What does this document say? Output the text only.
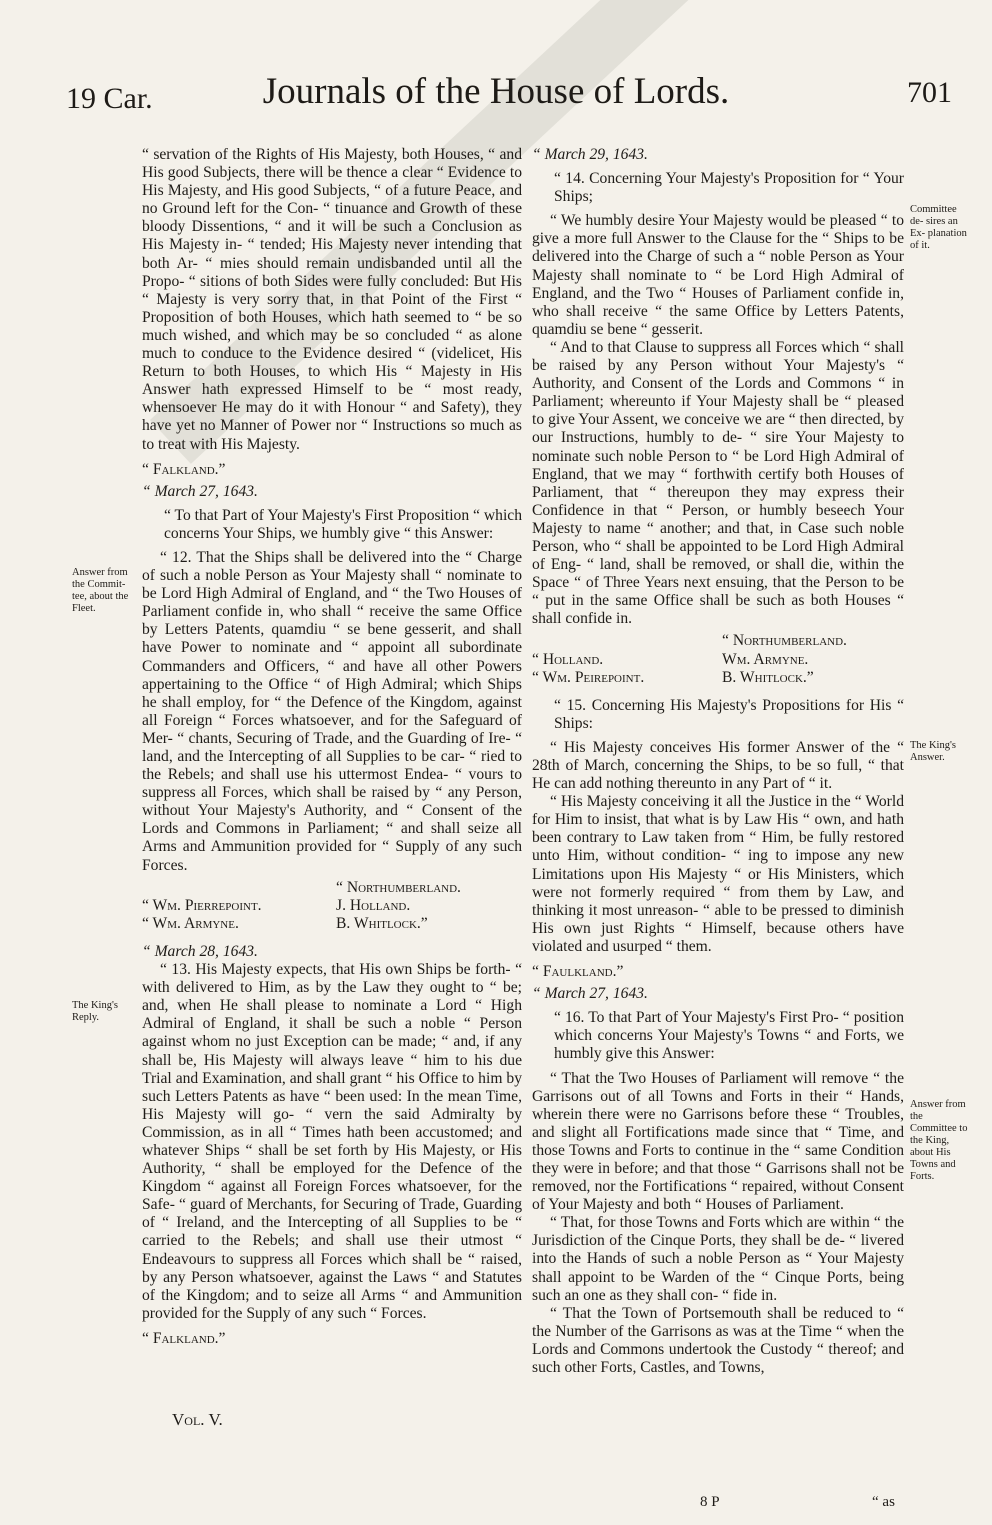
19 Car.	Journals of the House of Lords.	701

“ servation of the Rights of His Majesty, both Houses, “ and His good Subjects, there will be thence a clear “ Evidence to His Majesty, and His good Subjects, “ of a future Peace, and no Ground left for the Con- “ tinuance and Growth of these bloody Dissentions, “ and it will be such a Conclusion as His Majesty in- “ tended; His Majesty never intending that both Ar- “ mies should remain undisbanded until all the Propo- “ sitions of both Sides were fully concluded: But His “ Majesty is very sorry that, in that Point of the First “ Proposition of both Houses, which hath seemed to “ be so much wished, and which may be so concluded “ as alone much to conduce to the Evidence desired “ (videlicet, His Return to both Houses, to which His “ Majesty in His Answer hath expressed Himself to be “ most ready, whensoever He may do it with Honour “ and Safety), they have yet no Manner of Power nor “ Instructions so much as to treat with His Majesty.

“ Falkland.”

“ March 27, 1643.

“ To that Part of Your Majesty's First Proposition “ which concerns Your Ships, we humbly give “ this Answer:

“ 12. That the Ships shall be delivered into the “ Charge of such a noble Person as Your Majesty shall “ nominate to be Lord High Admiral of England, and “ the Two Houses of Parliament confide in, who shall “ receive the same Office by Letters Patents, quamdiu “ se bene gesserit, and shall have Power to nominate and “ appoint all subordinate Commanders and Officers, “ and have all other Powers appertaining to the Office “ of High Admiral; which Ships he shall employ, for “ the Defence of the Kingdom, against all Foreign “ Forces whatsoever, and for the Safeguard of Mer- “ chants, Securing of Trade, and the Guarding of Ire- “ land, and the Intercepting of all Supplies to be car- “ ried to the Rebels; and shall use his uttermost Endea- “ vours to suppress all Forces, which shall be raised by “ any Person, without Your Majesty's Authority, and “ Consent of the Lords and Commons in Parliament; “ and shall seize all Arms and Ammunition provided for “ Supply of any such Forces.

“ Northumberland.
“ Wm. Pierrepoint.	J. Holland.
“ Wm. Armyne.	B. Whitlock.”

“ March 28, 1643.

“ 13. His Majesty expects, that His own Ships be forth- “ with delivered to Him, as by the Law they ought to “ be; and, when He shall please to nominate a Lord “ High Admiral of England, it shall be such a noble “ Person against whom no just Exception can be made; “ and, if any shall be, His Majesty will always leave “ him to his due Trial and Examination, and shall grant “ his Office to him by such Letters Patents as have “ been used: In the mean Time, His Majesty will go- “ vern the said Admiralty by Commission, as in all “ Times hath been accustomed; and whatever Ships “ shall be set forth by His Majesty, or His Authority, “ shall be employed for the Defence of the Kingdom “ against all Foreign Forces whatsoever, for the Safe- “ guard of Merchants, for Securing of Trade, Guarding of “ Ireland, and the Intercepting of all Supplies to be “ carried to the Rebels; and shall use their utmost “ Endeavours to suppress all Forces which shall be “ raised, by any Person whatsoever, against the Laws “ and Statutes of the Kingdom; and to seize all Arms “ and Ammunition provided for the Supply of any such “ Forces.

“ Falkland.”

“ March 29, 1643.

“ 14. Concerning Your Majesty's Proposition for “ Your Ships;

“ We humbly desire Your Majesty would be pleased “ to give a more full Answer to the Clause for the “ Ships to be delivered into the Charge of such a “ noble Person as Your Majesty shall nominate to “ be Lord High Admiral of England, and the Two “ Houses of Parliament confide in, who shall receive “ the same Office by Letters Patents, quamdiu se bene “ gesserit.

“ And to that Clause to suppress all Forces which “ shall be raised by any Person without Your Majesty's “ Authority, and Consent of the Lords and Commons “ in Parliament; whereunto if Your Majesty shall be “ pleased to give Your Assent, we conceive we are “ then directed, by our Instructions, humbly to de- “ sire Your Majesty to nominate such noble Person to “ be Lord High Admiral of England, that we may “ forthwith certify both Houses of Parliament, that “ thereupon they may express their Confidence in that “ Person, or humbly beseech Your Majesty to name “ another; and that, in Case such noble Person, who “ shall be appointed to be Lord High Admiral of Eng- “ land, shall be removed, or shall die, within the Space “ of Three Years next ensuing, that the Person to be “ put in the same Office shall be such as both Houses “ shall confide in.

“ Northumberland.
“ Holland.	Wm. Armyne.
“ Wm. Peirepoint.	B. Whitlock.”

“ 15. Concerning His Majesty's Propositions for His “ Ships:

“ His Majesty conceives His former Answer of the “ 28th of March, concerning the Ships, to be so full, “ that He can add nothing thereunto in any Part of “ it.

“ His Majesty conceiving it all the Justice in the “ World for Him to insist, that what is by Law His “ own, and hath been contrary to Law taken from “ Him, be fully restored unto Him, without condition- “ ing to impose any new Limitations upon His Majesty “ or His Ministers, which were not formerly required “ from them by Law, and thinking it most unreason- “ able to be pressed to diminish His own just Rights “ Himself, because others have violated and usurped “ them.

“ Faulkland.”

“ March 27, 1643.

“ 16. To that Part of Your Majesty's First Pro- “ position which concerns Your Majesty's Towns “ and Forts, we humbly give this Answer:

“ That the Two Houses of Parliament will remove “ the Garrisons out of all Towns and Forts in their “ Hands, wherein there were no Garrisons before these “ Troubles, and slight all Fortifications made since that “ Time, and those Towns and Forts to continue in the “ same Condition they were in before; and that those “ Garrisons shall not be removed, nor the Fortifications “ repaired, without Consent of Your Majesty and both “ Houses of Parliament.

“ That, for those Towns and Forts which are within “ the Jurisdiction of the Cinque Ports, they shall be de- “ livered into the Hands of such a noble Person as “ Your Majesty shall appoint to be Warden of the “ Cinque Ports, being such an one as they shall con- “ fide in.

“ That the Town of Portsemouth shall be reduced to “ the Number of the Garrisons as was at the Time “ when the Lords and Commons undertook the Custody “ thereof; and such other Forts, Castles, and Towns,

Answer from the Commit- tee, about the Fleet.
The King's Reply.
Committee de- sires an Ex- planation of it.
The King's Answer.
Answer from the Committee to the King, about His Towns and Forts.
Vol. V.
8 P	“ as
